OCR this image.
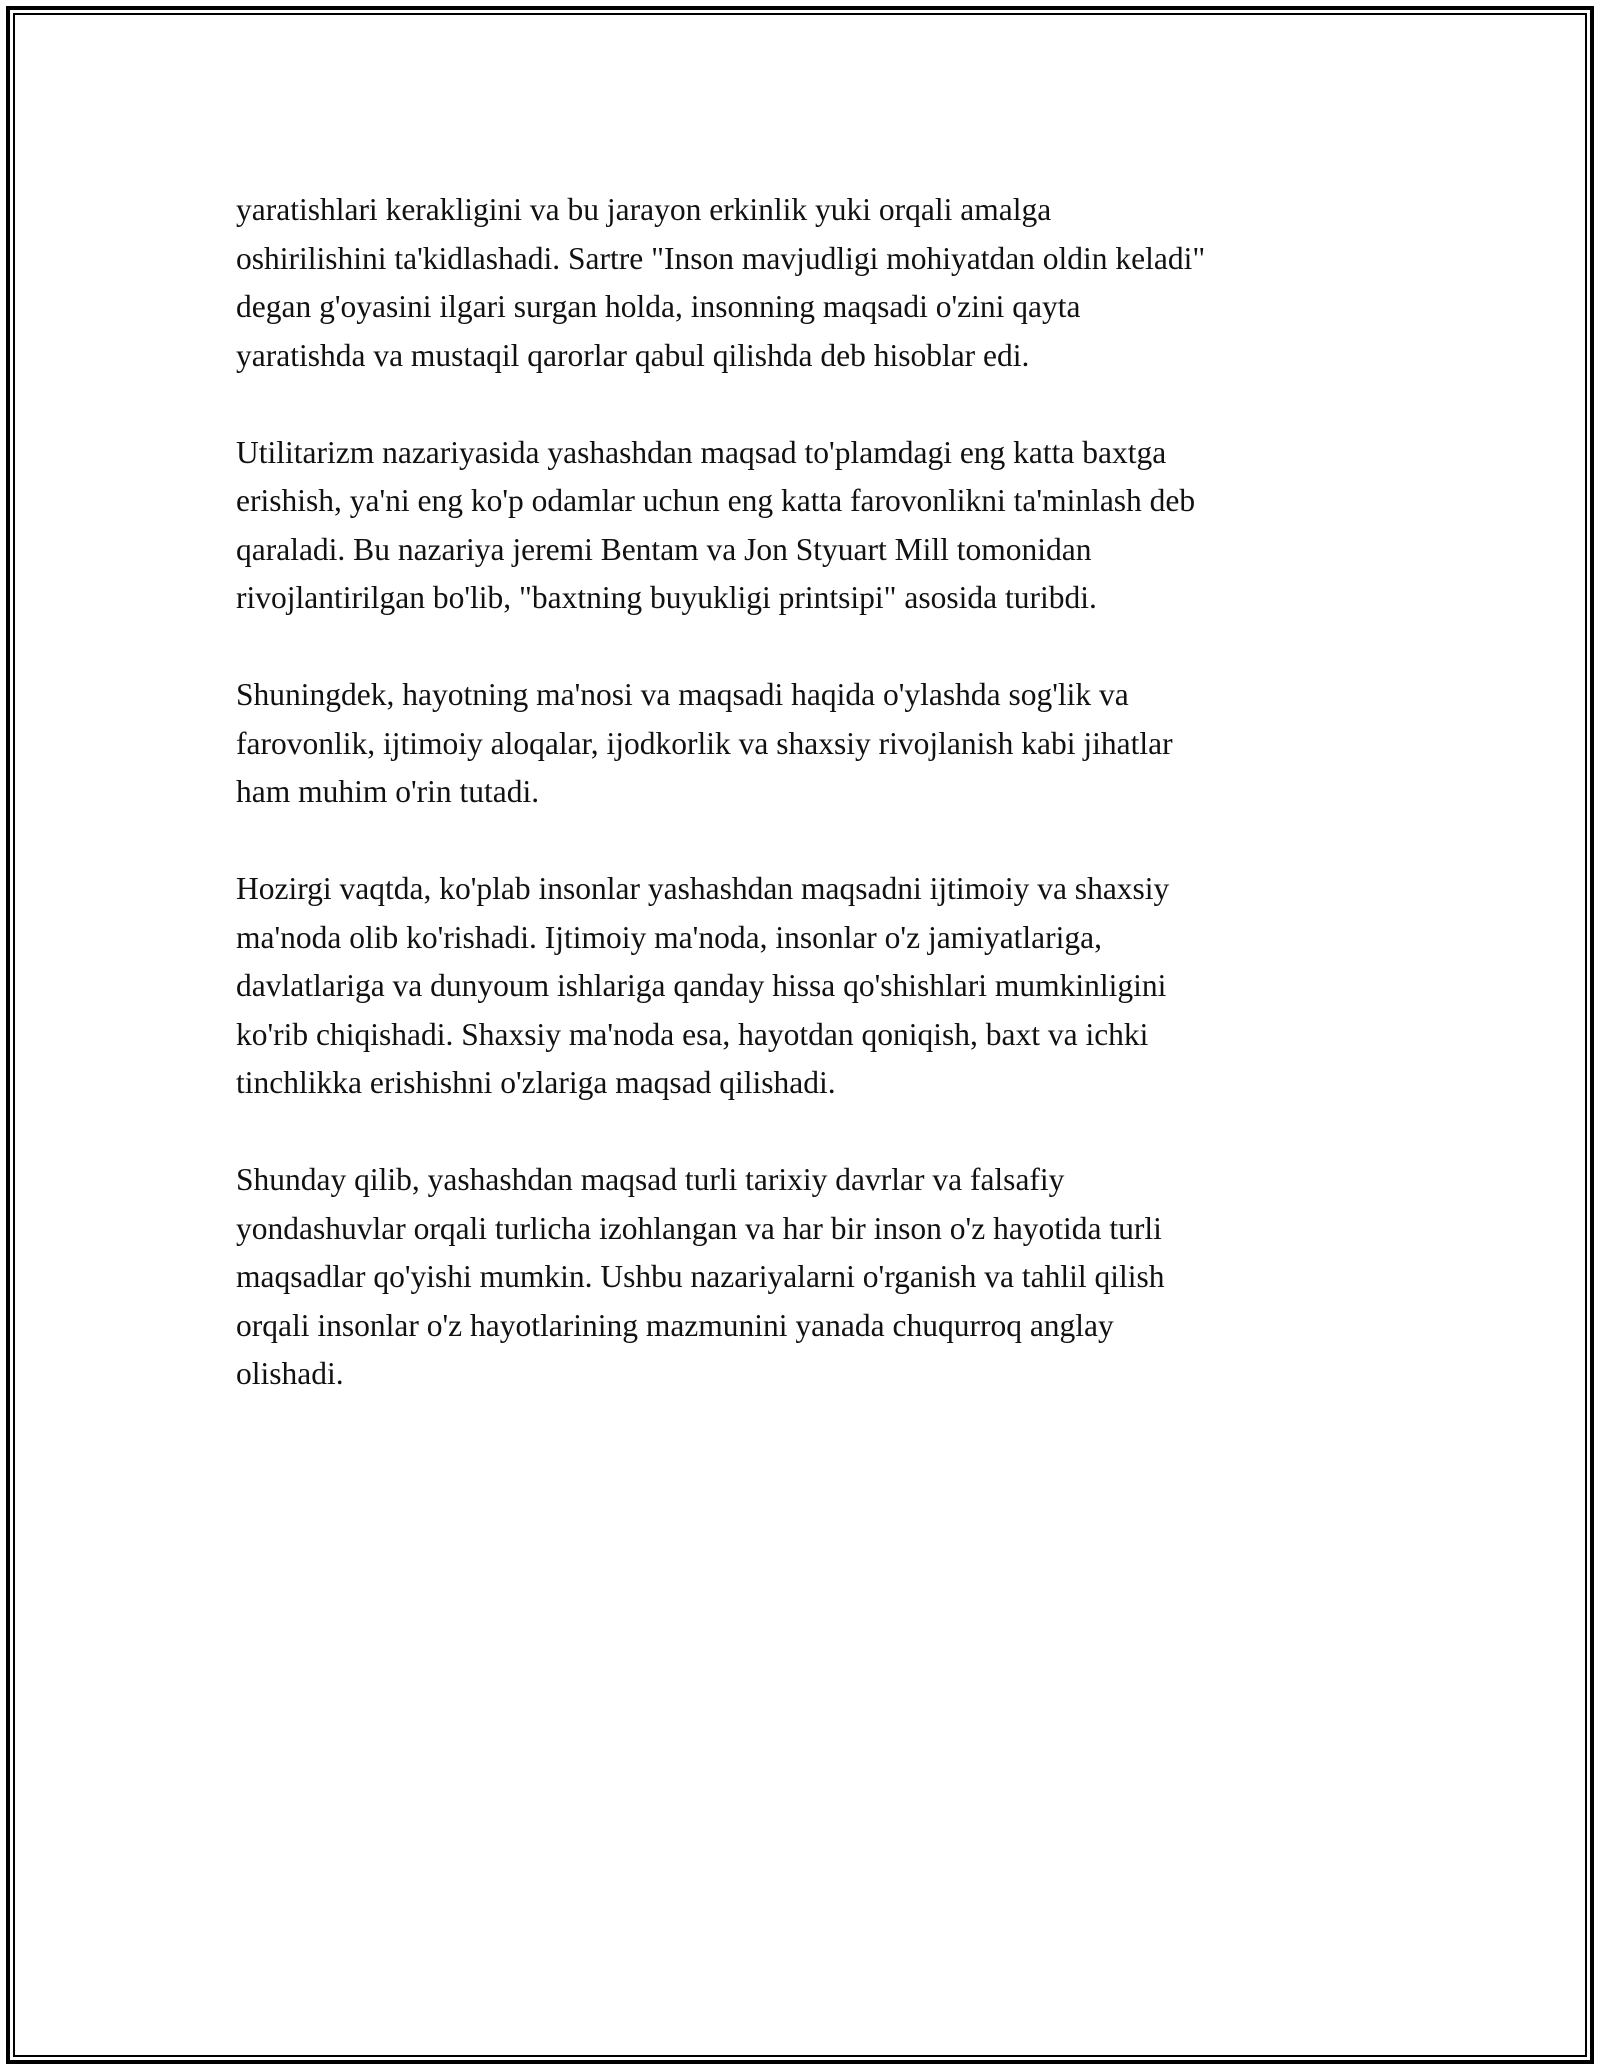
yaratishlari kerakligini va bu jarayon erkinlik yuki orqali amalga
oshirilishini ta'kidlashadi. Sartre "Inson mavjudligi mohiyatdan oldin keladi"
degan g'oyasini ilgari surgan holda, insonning maqsadi o'zini qayta
yaratishda va mustaqil qarorlar qabul qilishda deb hisoblar edi.

Utilitarizm nazariyasida yashashdan maqsad to'plamdagi eng katta baxtga
erishish, ya'ni eng ko'p odamlar uchun eng katta farovonlikni ta'minlash deb
qaraladi. Bu nazariya jeremi Bentam va Jon Styuart Mill tomonidan
rivojlantirilgan bo'lib, "baxtning buyukligi printsipi" asosida turibdi.

Shuningdek, hayotning ma'nosi va maqsadi haqida o'ylashda sog'lik va
farovonlik, ijtimoiy aloqalar, ijodkorlik va shaxsiy rivojlanish kabi jihatlar
ham muhim o'rin tutadi.

Hozirgi vaqtda, ko'plab insonlar yashashdan maqsadni ijtimoiy va shaxsiy
ma'noda olib ko'rishadi. Ijtimoiy ma'noda, insonlar o'z jamiyatlariga,
davlatlariga va dunyoum ishlariga qanday hissa qo'shishlari mumkinligini
ko'rib chiqishadi. Shaxsiy ma'noda esa, hayotdan qoniqish, baxt va ichki
tinchlikka erishishni o'zlariga maqsad qilishadi.

Shunday qilib, yashashdan maqsad turli tarixiy davrlar va falsafiy
yondashuvlar orqali turlicha izohlangan va har bir inson o'z hayotida turli
maqsadlar qo'yishi mumkin. Ushbu nazariyalarni o'rganish va tahlil qilish
orqali insonlar o'z hayotlarining mazmunini yanada chuqurroq anglay
olishadi.
